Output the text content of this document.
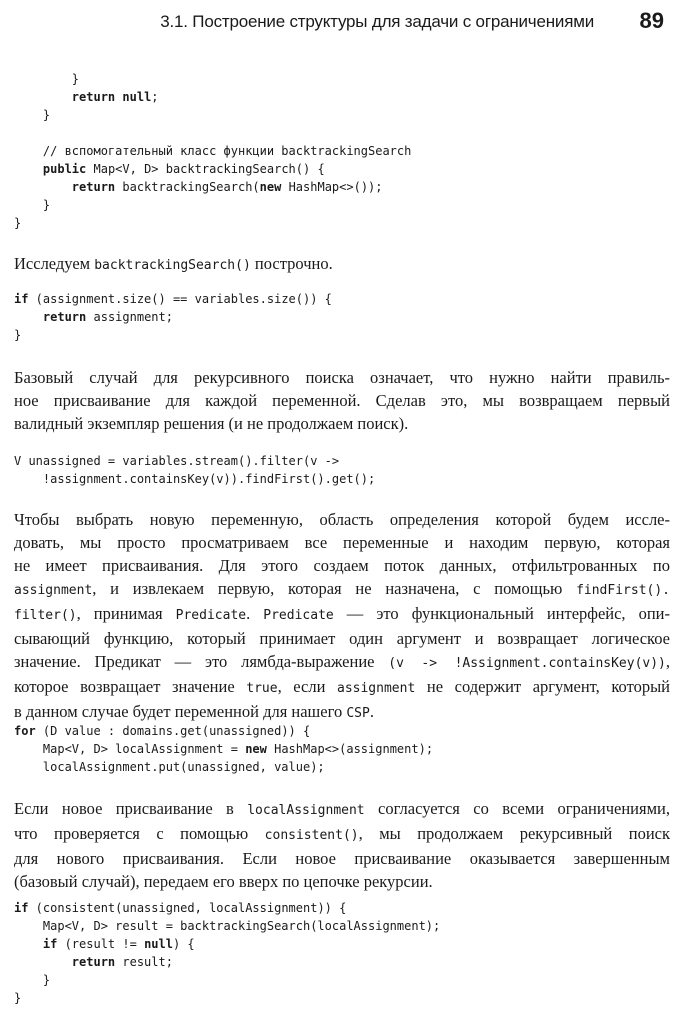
3.1. Построение структуры для задачи с ограничениями 89
}
return null;
}

// вспомогательный класс функции backtrackingSearch
public Map<V, D> backtrackingSearch() {
return backtrackingSearch(new HashMap<>());
}
}
Исследуем backtrackingSearch() построчно.
if (assignment.size() == variables.size()) {
return assignment;
}
Базовый случай для рекурсивного поиска означает, что нужно найти правиль-
ное присваивание для каждой переменной. Сделав это, мы возвращаем первый
валидный экземпляр решения (и не продолжаем поиск).
V unassigned = variables.stream().filter(v ->
!assignment.containsKey(v)).findFirst().get();
Чтобы выбрать новую переменную, область определения которой будем иссле-
довать, мы просто просматриваем все переменные и находим первую, которая
не имеет присваивания. Для этого создаем поток данных, отфильтрованных по
assignment, и извлекаем первую, которая не назначена, с помощью findFirst().
filter(), принимая Predicate. Predicate — это функциональный интерфейс, опи-
сывающий функцию, который принимает один аргумент и возвращает логическое
значение. Предикат — это лямбда-выражение (v -> !Assignment.containsKey(v)),
которое возвращает значение true, если assignment не содержит аргумент, который
в данном случае будет переменной для нашего CSP.
for (D value : domains.get(unassigned)) {
Map<V, D> localAssignment = new HashMap<>(assignment);
localAssignment.put(unassigned, value);
Если новое присваивание в localAssignment согласуется со всеми ограничениями,
что проверяется с помощью consistent(), мы продолжаем рекурсивный поиск
для нового присваивания. Если новое присваивание оказывается завершенным
(базовый случай), передаем его вверх по цепочке рекурсии.
if (consistent(unassigned, localAssignment)) {
Map<V, D> result = backtrackingSearch(localAssignment);
if (result != null) {
return result;
}
}
